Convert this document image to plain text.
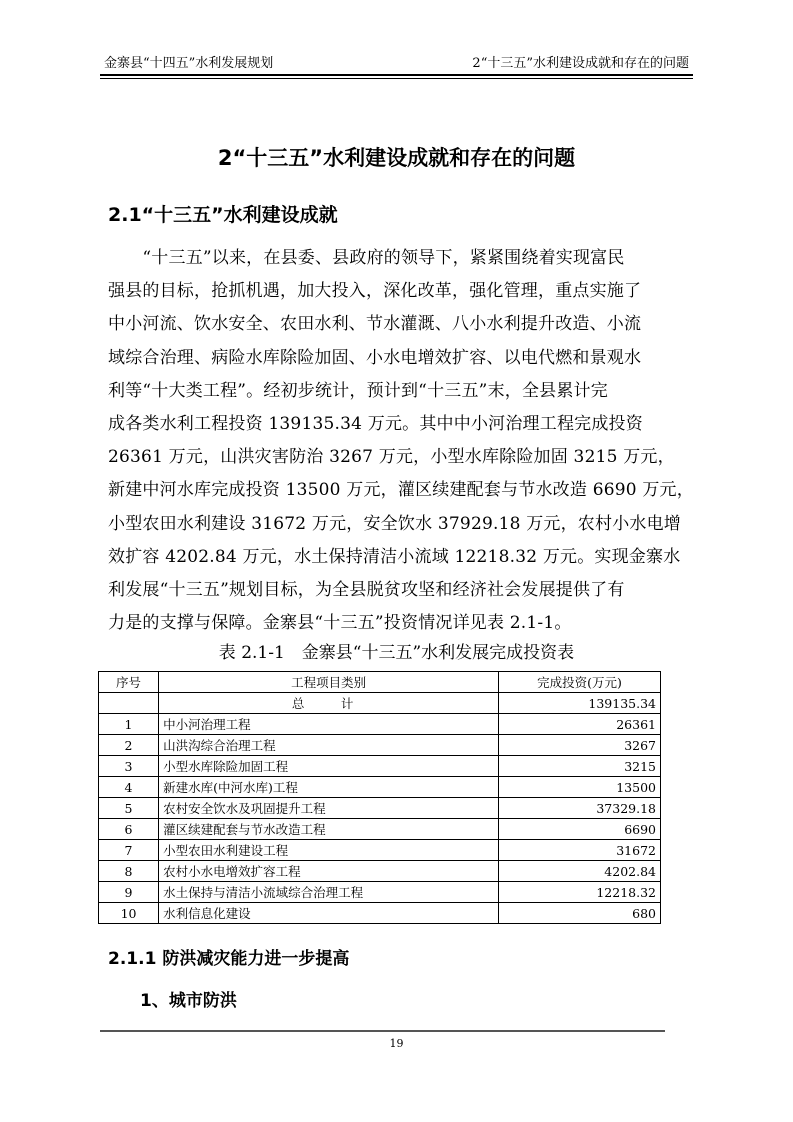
金寨县“十四五”水利发展规划	2“十三五”水利建设成就和存在的问题
2“十三五”水利建设成就和存在的问题
2.1“十三五”水利建设成就
　　“十三五”以来，在县委、县政府的领导下，紧紧围绕着实现富民
强县的目标，抢抓机遇，加大投入，深化改革，强化管理，重点实施了
中小河流、饮水安全、农田水利、节水灌溉、八小水利提升改造、小流
域综合治理、病险水库除险加固、小水电增效扩容、以电代燃和景观水
利等“十大类工程”。经初步统计，预计到“十三五”末，全县累计完
成各类水利工程投资 139135.34 万元。其中中小河治理工程完成投资
26361 万元，山洪灾害防治 3267 万元，小型水库除险加固 3215 万元，
新建中河水库完成投资 13500 万元，灌区续建配套与节水改造 6690 万元，
小型农田水利建设 31672 万元，安全饮水 37929.18 万元，农村小水电增
效扩容 4202.84 万元，水土保持清洁小流域 12218.32 万元。实现金寨水
利发展“十三五”规划目标，为全县脱贫攻坚和经济社会发展提供了有
力是的支撑与保障。金寨县“十三五”投资情况详见表 2.1-1。
表 2.1-1　金寨县“十三五”水利发展完成投资表
序号	工程项目类别	完成投资(万元)
	总　计	139135.34
1	中小河治理工程	26361
2	山洪沟综合治理工程	3267
3	小型水库除险加固工程	3215
4	新建水库(中河水库)工程	13500
5	农村安全饮水及巩固提升工程	37329.18
6	灌区续建配套与节水改造工程	6690
7	小型农田水利建设工程	31672
8	农村小水电增效扩容工程	4202.84
9	水土保持与清洁小流域综合治理工程	12218.32
10	水利信息化建设	680
2.1.1 防洪减灾能力进一步提高
1、城市防洪
19
